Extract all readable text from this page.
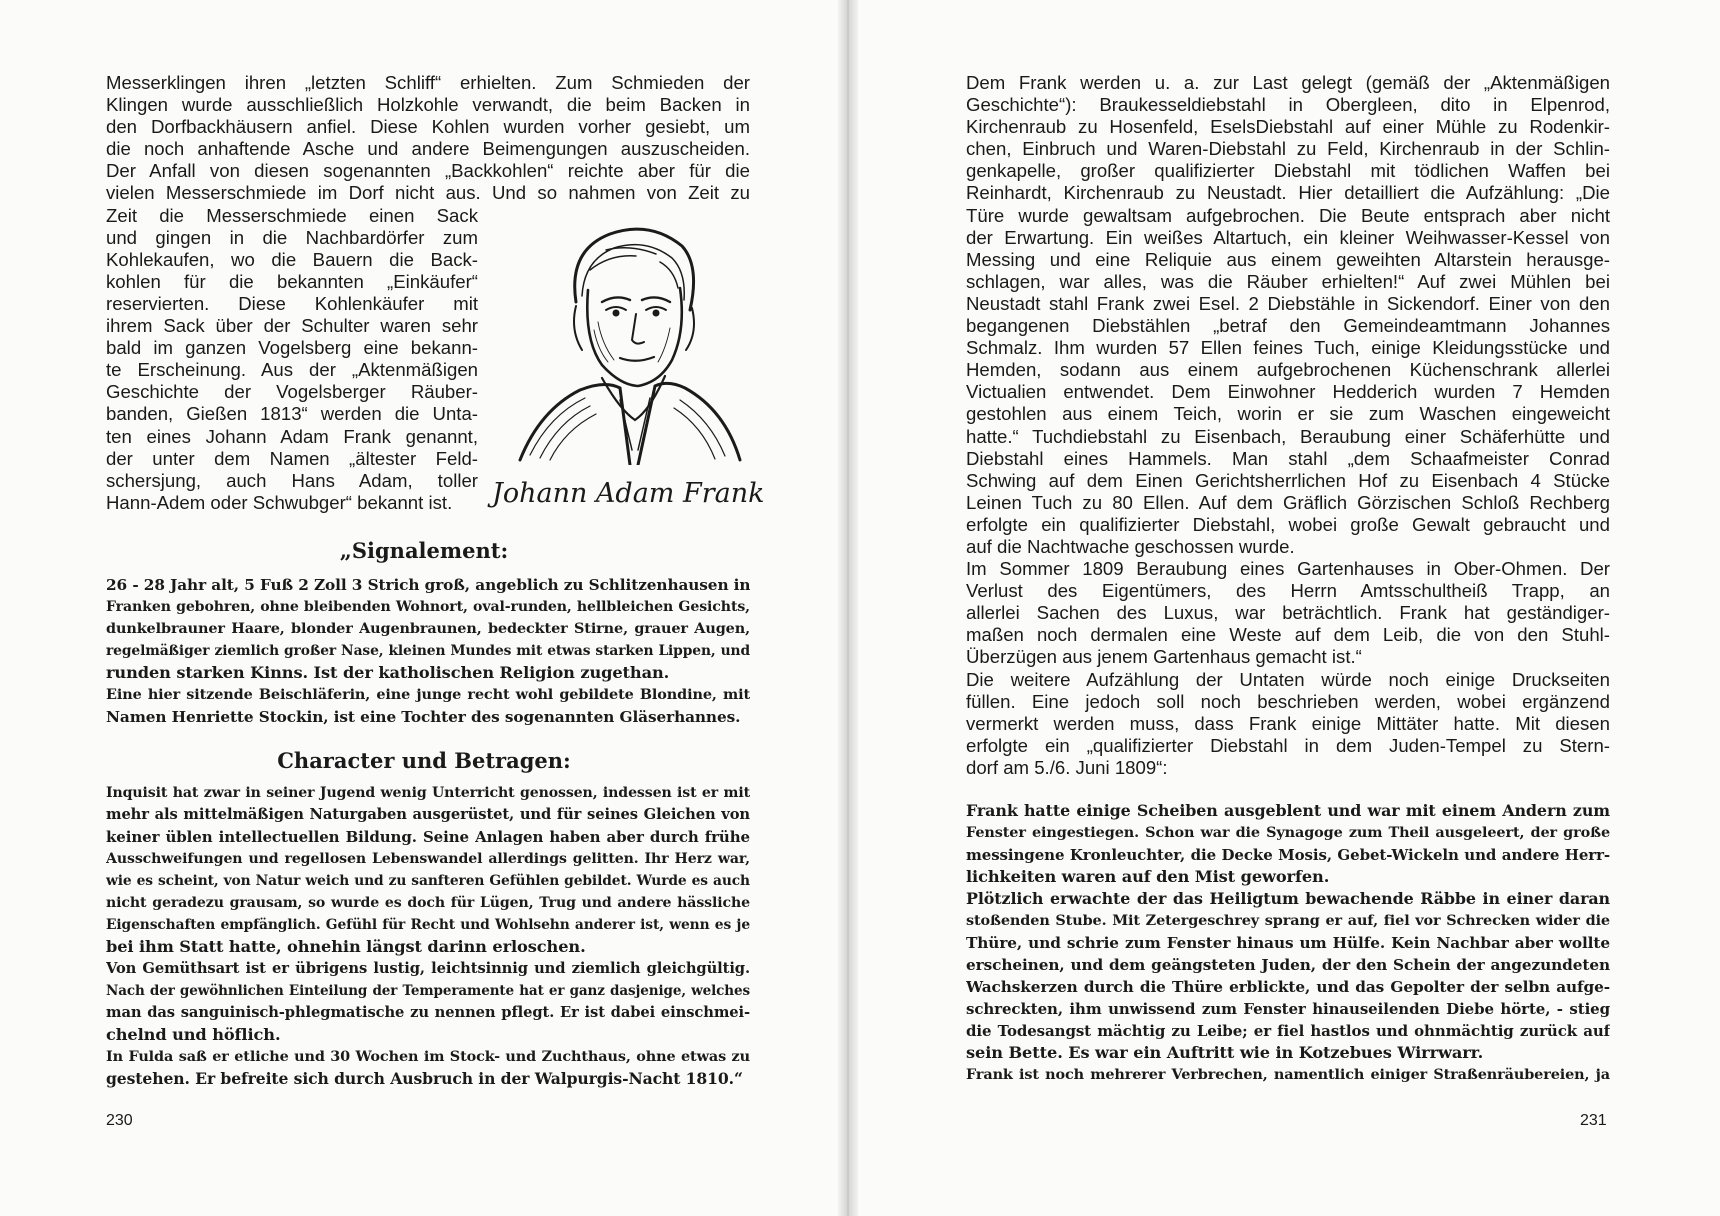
Messerklingen ihren „letzten Schliff“ erhielten. Zum Schmieden der
Klingen wurde ausschließlich Holzkohle verwandt, die beim Backen in
den Dorfbackhäusern anfiel. Diese Kohlen wurden vorher gesiebt, um
die noch anhaftende Asche und andere Beimengungen auszuscheiden.
Der Anfall von diesen sogenannten „Backkohlen“ reichte aber für die
vielen Messerschmiede im Dorf nicht aus. Und so nahmen von Zeit zu
Zeit die Messerschmiede einen Sack
und gingen in die Nachbardörfer zum
Kohlekaufen, wo die Bauern die Back-
kohlen für die bekannten „Einkäufer“
reservierten. Diese Kohlenkäufer mit
ihrem Sack über der Schulter waren sehr
bald im ganzen Vogelsberg eine bekann-
te Erscheinung. Aus der „Aktenmäßigen
Geschichte der Vogelsberger Räuber-
banden, Gießen 1813“ werden die Unta-
ten eines Johann Adam Frank genannt,
der unter dem Namen „ältester Feld-
schersjung, auch Hans Adam, toller
Hann-Adem oder Schwubger“ bekannt ist.	Johann Adam Frank
„Signalement:
26 - 28 Jahr alt, 5 Fuß 2 Zoll 3 Strich groß, angeblich zu Schlitzenhausen in
Franken gebohren, ohne bleibenden Wohnort, oval-runden, hellbleichen Gesichts,
dunkelbrauner Haare, blonder Augenbraunen, bedeckter Stirne, grauer Augen,
regelmäßiger ziemlich großer Nase, kleinen Mundes mit etwas starken Lippen, und
runden starken Kinns. Ist der katholischen Religion zugethan.
Eine hier sitzende Beischläferin, eine junge recht wohl gebildete Blondine, mit
Namen Henriette Stockin, ist eine Tochter des sogenannten Gläserhannes.
Character und Betragen:
Inquisit hat zwar in seiner Jugend wenig Unterricht genossen, indessen ist er mit
mehr als mittelmäßigen Naturgaben ausgerüstet, und für seines Gleichen von
keiner üblen intellectuellen Bildung. Seine Anlagen haben aber durch frühe
Ausschweifungen und regellosen Lebenswandel allerdings gelitten. Ihr Herz war,
wie es scheint, von Natur weich und zu sanfteren Gefühlen gebildet. Wurde es auch
nicht geradezu grausam, so wurde es doch für Lügen, Trug und andere hässliche
Eigenschaften empfänglich. Gefühl für Recht und Wohlsehn anderer ist, wenn es je
bei ihm Statt hatte, ohnehin längst darinn erloschen.
Von Gemüthsart ist er übrigens lustig, leichtsinnig und ziemlich gleichgültig.
Nach der gewöhnlichen Einteilung der Temperamente hat er ganz dasjenige, welches
man das sanguinisch-phlegmatische zu nennen pflegt. Er ist dabei einschmei-
chelnd und höflich.
In Fulda saß er etliche und 30 Wochen im Stock- und Zuchthaus, ohne etwas zu
gestehen. Er befreite sich durch Ausbruch in der Walpurgis-Nacht 1810.“
230
Dem Frank werden u. a. zur Last gelegt (gemäß der „Aktenmäßigen
Geschichte“): Braukesseldiebstahl in Obergleen, dito in Elpenrod,
Kirchenraub zu Hosenfeld, EselsDiebstahl auf einer Mühle zu Rodenkir-
chen, Einbruch und Waren-Diebstahl zu Feld, Kirchenraub in der Schlin-
genkapelle, großer qualifizierter Diebstahl mit tödlichen Waffen bei
Reinhardt, Kirchenraub zu Neustadt. Hier detailliert die Aufzählung: „Die
Türe wurde gewaltsam aufgebrochen. Die Beute entsprach aber nicht
der Erwartung. Ein weißes Altartuch, ein kleiner Weihwasser-Kessel von
Messing und eine Reliquie aus einem geweihten Altarstein herausge-
schlagen, war alles, was die Räuber erhielten!“ Auf zwei Mühlen bei
Neustadt stahl Frank zwei Esel. 2 Diebstähle in Sickendorf. Einer von den
begangenen Diebstählen „betraf den Gemeindeamtmann Johannes
Schmalz. Ihm wurden 57 Ellen feines Tuch, einige Kleidungsstücke und
Hemden, sodann aus einem aufgebrochenen Küchenschrank allerlei
Victualien entwendet. Dem Einwohner Hedderich wurden 7 Hemden
gestohlen aus einem Teich, worin er sie zum Waschen eingeweicht
hatte.“ Tuchdiebstahl zu Eisenbach, Beraubung einer Schäferhütte und
Diebstahl eines Hammels. Man stahl „dem Schaafmeister Conrad
Schwing auf dem Einen Gerichtsherrlichen Hof zu Eisenbach 4 Stücke
Leinen Tuch zu 80 Ellen. Auf dem Gräflich Görzischen Schloß Rechberg
erfolgte ein qualifizierter Diebstahl, wobei große Gewalt gebraucht und
auf die Nachtwache geschossen wurde.
Im Sommer 1809 Beraubung eines Gartenhauses in Ober-Ohmen. Der
Verlust des Eigentümers, des Herrn Amtsschultheiß Trapp, an
allerlei Sachen des Luxus, war beträchtlich. Frank hat geständiger-
maßen noch dermalen eine Weste auf dem Leib, die von den Stuhl-
Überzügen aus jenem Gartenhaus gemacht ist.“
Die weitere Aufzählung der Untaten würde noch einige Druckseiten
füllen. Eine jedoch soll noch beschrieben werden, wobei ergänzend
vermerkt werden muss, dass Frank einige Mittäter hatte. Mit diesen
erfolgte ein „qualifizierter Diebstahl in dem Juden-Tempel zu Stern-
dorf am 5./6. Juni 1809“:
Frank hatte einige Scheiben ausgeblent und war mit einem Andern zum
Fenster eingestiegen. Schon war die Synagoge zum Theil ausgeleert, der große
messingene Kronleuchter, die Decke Mosis, Gebet-Wickeln und andere Herr-
lichkeiten waren auf den Mist geworfen.
Plötzlich erwachte der das Heiligtum bewachende Räbbe in einer daran
stoßenden Stube. Mit Zetergeschrey sprang er auf, fiel vor Schrecken wider die
Thüre, und schrie zum Fenster hinaus um Hülfe. Kein Nachbar aber wollte
erscheinen, und dem geängsteten Juden, der den Schein der angezundeten
Wachskerzen durch die Thüre erblickte, und das Gepolter der selbn aufge-
schreckten, ihm unwissend zum Fenster hinauseilenden Diebe hörte, - stieg
die Todesangst mächtig zu Leibe; er fiel hastlos und ohnmächtig zurück auf
sein Bette. Es war ein Auftritt wie in Kotzebues Wirrwarr.
Frank ist noch mehrerer Verbrechen, namentlich einiger Straßenräubereien, ja
231
